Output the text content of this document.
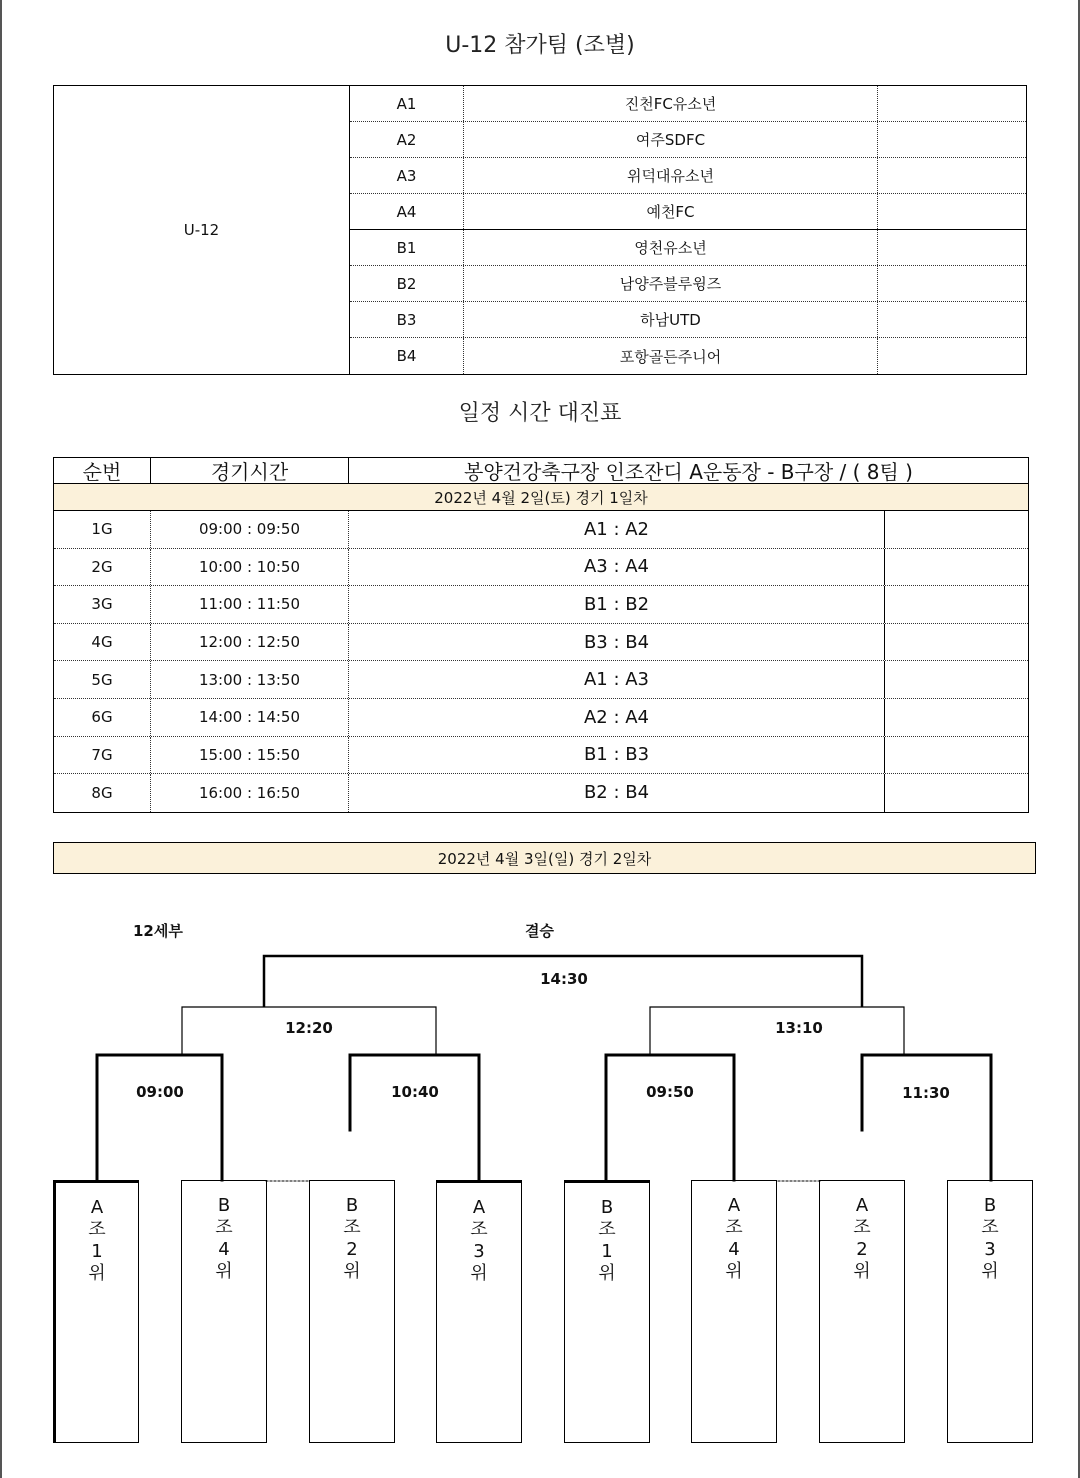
U-12 참가팀 (조별)
U-12
A1	진천FC유소년
A2	여주SDFC
A3	위덕대유소년
A4	예천FC
B1	영천유소년
B2	남양주블루윙즈
B3	하남UTD
B4	포항골든주니어
일정 시간 대진표
순번	경기시간	봉양건강축구장 인조잔디 A운동장 - B구장 / ( 8팀 )
2022년 4월 2일(토) 경기 1일차
1G	09:00 : 09:50	A1 : A2
2G	10:00 : 10:50	A3 : A4
3G	11:00 : 11:50	B1 : B2
4G	12:00 : 12:50	B3 : B4
5G	13:00 : 13:50	A1 : A3
6G	14:00 : 14:50	A2 : A4
7G	15:00 : 15:50	B1 : B3
8G	16:00 : 16:50	B2 : B4
2022년 4월 3일(일) 경기 2일차
12세부	결승
14:30
12:20	13:10
09:00	10:40	09:50	11:30
A
조
1
위
B
조
4
위
B
조
2
위
A
조
3
위
B
조
1
위
A
조
4
위
A
조
2
위
B
조
3
위
